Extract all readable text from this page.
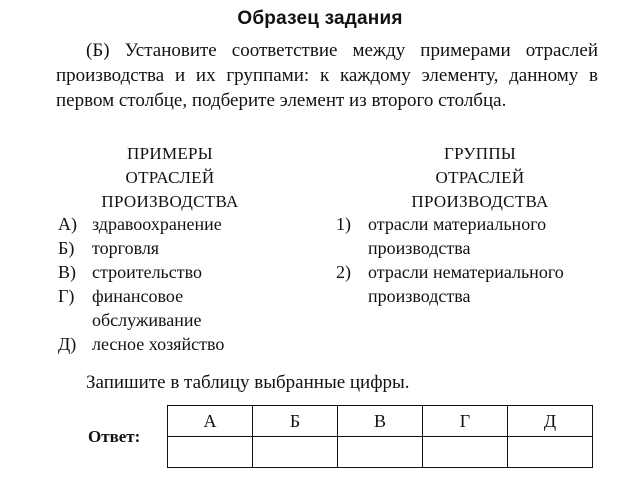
Образец задания
(Б) Установите соответствие между примерами отраслей производства и их группами: к каждому элементу, данному в первом столбце, подберите элемент из второго столбца.
ПРИМЕРЫ
ОТРАСЛЕЙ
ПРОИЗВОДСТВА
ГРУППЫ
ОТРАСЛЕЙ
ПРОИЗВОДСТВА
А) здравоохранение
Б) торговля
В) строительство
Г) финансовое обслуживание
Д) лесное хозяйство
1) отрасли материального производства
2) отрасли нематериального производства
Запишите в таблицу выбранные цифры.
Ответ:
А	Б	В	Г	Д
